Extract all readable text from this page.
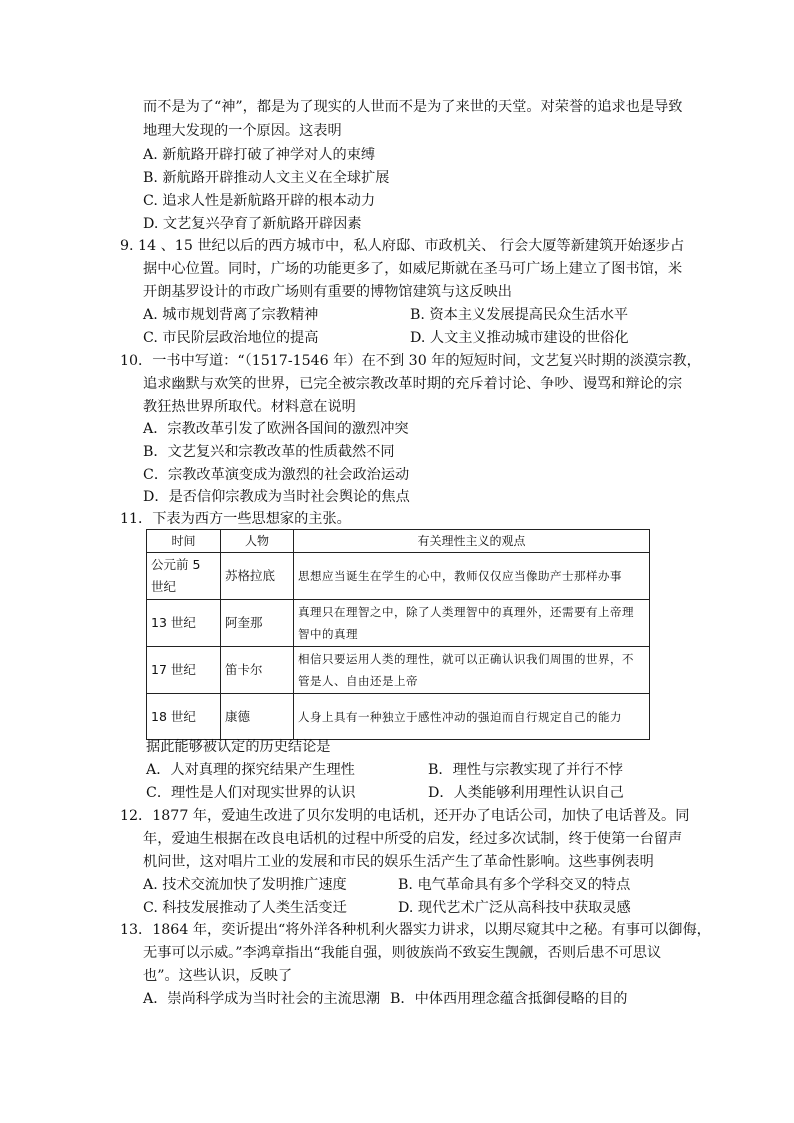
而不是为了“神”，都是为了现实的人世而不是为了来世的天堂。对荣誉的追求也是导致
地理大发现的一个原因。这表明
A. 新航路开辟打破了神学对人的束缚
B. 新航路开辟推动人文主义在全球扩展
C. 追求人性是新航路开辟的根本动力
D. 文艺复兴孕育了新航路开辟因素
9. 14 、15 世纪以后的西方城市中，私人府邸、市政机关、 行会大厦等新建筑开始逐步占
据中心位置。同时，广场的功能更多了，如威尼斯就在圣马可广场上建立了图书馆，米
开朗基罗设计的市政广场则有重要的博物馆建筑与这反映出
A. 城市规划背离了宗教精神	B. 资本主义发展提高民众生活水平
C. 市民阶层政治地位的提高	D. 人文主义推动城市建设的世俗化
10．一书中写道：“（1517-1546 年）在不到 30 年的短短时间，文艺复兴时期的淡漠宗教，
追求幽默与欢笑的世界，已完全被宗教改革时期的充斥着讨论、争吵、谩骂和辩论的宗
教狂热世界所取代。材料意在说明
A．宗教改革引发了欧洲各国间的激烈冲突
B．文艺复兴和宗教改革的性质截然不同
C．宗教改革演变成为激烈的社会政治运动
D．是否信仰宗教成为当时社会舆论的焦点
11．下表为西方一些思想家的主张。
时间	人物	有关理性主义的观点
公元前 5 世纪	苏格拉底	思想应当诞生在学生的心中，教师仅仅应当像助产士那样办事
13 世纪	阿奎那	真理只在理智之中，除了人类理智中的真理外，还需要有上帝理智中的真理
17 世纪	笛卡尔	相信只要运用人类的理性，就可以正确认识我们周围的世界，不管是人、自由还是上帝
18 世纪	康德	人身上具有一种独立于感性冲动的强迫而自行规定自己的能力
据此能够被认定的历史结论是
A．人对真理的探究结果产生理性	B．理性与宗教实现了并行不悖
C．理性是人们对现实世界的认识	D．人类能够利用理性认识自己
12．1877 年，爱迪生改进了贝尔发明的电话机，还开办了电话公司，加快了电话普及。同
年，爱迪生根据在改良电话机的过程中所受的启发，经过多次试制，终于使第一台留声
机问世，这对唱片工业的发展和市民的娱乐生活产生了革命性影响。这些事例表明
A. 技术交流加快了发明推广速度	B. 电气革命具有多个学科交叉的特点
C. 科技发展推动了人类生活变迁	D. 现代艺术广泛从高科技中获取灵感
13．1864 年，奕䜣提出“将外洋各种机利火器实力讲求，以期尽窥其中之秘。有事可以御侮，
无事可以示威。”李鸿章指出“我能自强，则彼族尚不致妄生觊觎，否则后患不可思议
也”。这些认识，反映了
A．崇尚科学成为当时社会的主流思潮 B．中体西用理念蕴含抵御侵略的目的
